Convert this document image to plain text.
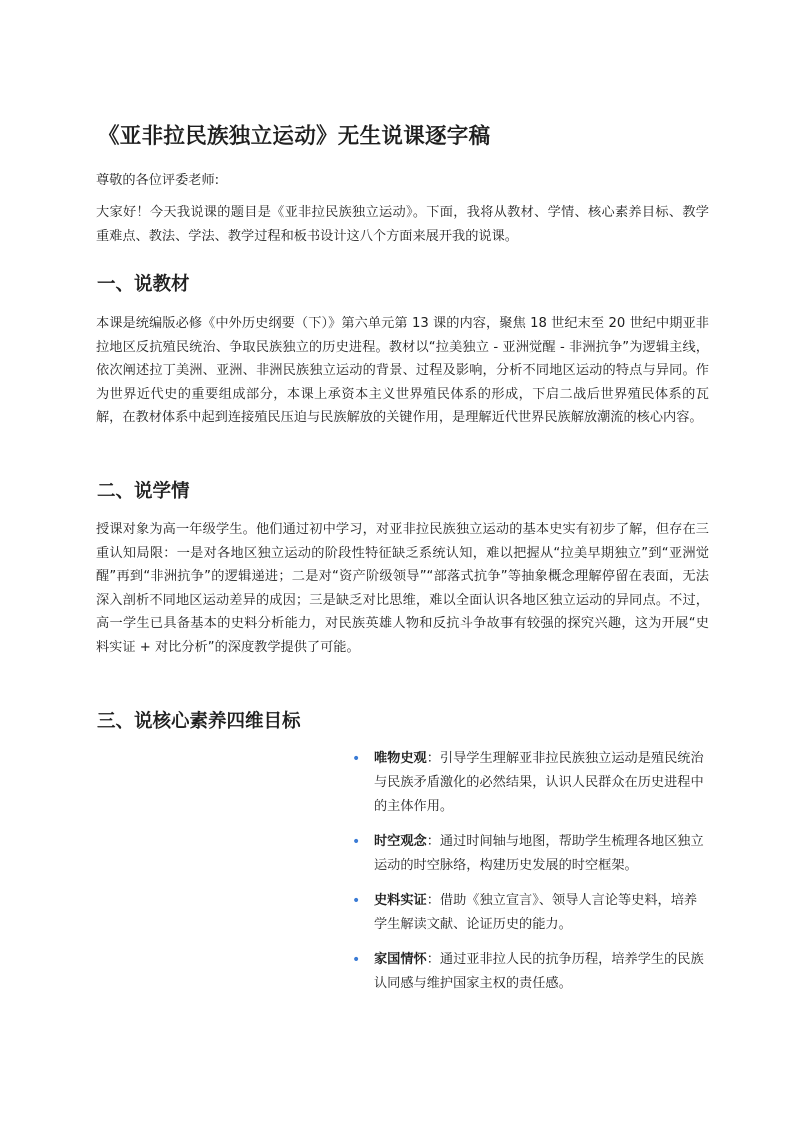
《亚非拉民族独立运动》无生说课逐字稿

尊敬的各位评委老师:

大家好！今天我说课的题目是《亚非拉民族独立运动》。下面，我将从教材、学情、核心素养目标、教学重难点、教法、学法、教学过程和板书设计这八个方面来展开我的说课。

一、说教材

本课是统编版必修《中外历史纲要（下）》第六单元第 13 课的内容，聚焦 18 世纪末至 20 世纪中期亚非拉地区反抗殖民统治、争取民族独立的历史进程。教材以“拉美独立 - 亚洲觉醒 - 非洲抗争”为逻辑主线，依次阐述拉丁美洲、亚洲、非洲民族独立运动的背景、过程及影响，分析不同地区运动的特点与异同。作为世界近代史的重要组成部分，本课上承资本主义世界殖民体系的形成，下启二战后世界殖民体系的瓦解，在教材体系中起到连接殖民压迫与民族解放的关键作用，是理解近代世界民族解放潮流的核心内容。

二、说学情

授课对象为高一年级学生。他们通过初中学习，对亚非拉民族独立运动的基本史实有初步了解，但存在三重认知局限：一是对各地区独立运动的阶段性特征缺乏系统认知，难以把握从“拉美早期独立”到“亚洲觉醒”再到“非洲抗争”的逻辑递进；二是对“资产阶级领导”“部落式抗争”等抽象概念理解停留在表面，无法深入剖析不同地区运动差异的成因；三是缺乏对比思维，难以全面认识各地区独立运动的异同点。不过，高一学生已具备基本的史料分析能力，对民族英雄人物和反抗斗争故事有较强的探究兴趣，这为开展“史料实证 + 对比分析”的深度教学提供了可能。

三、说核心素养四维目标
• 唯物史观：引导学生理解亚非拉民族独立运动是殖民统治与民族矛盾激化的必然结果，认识人民群众在历史进程中的主体作用。
• 时空观念：通过时间轴与地图，帮助学生梳理各地区独立运动的时空脉络，构建历史发展的时空框架。
• 史料实证：借助《独立宣言》、领导人言论等史料，培养学生解读文献、论证历史的能力。
• 家国情怀：通过亚非拉人民的抗争历程，培养学生的民族认同感与维护国家主权的责任感。
